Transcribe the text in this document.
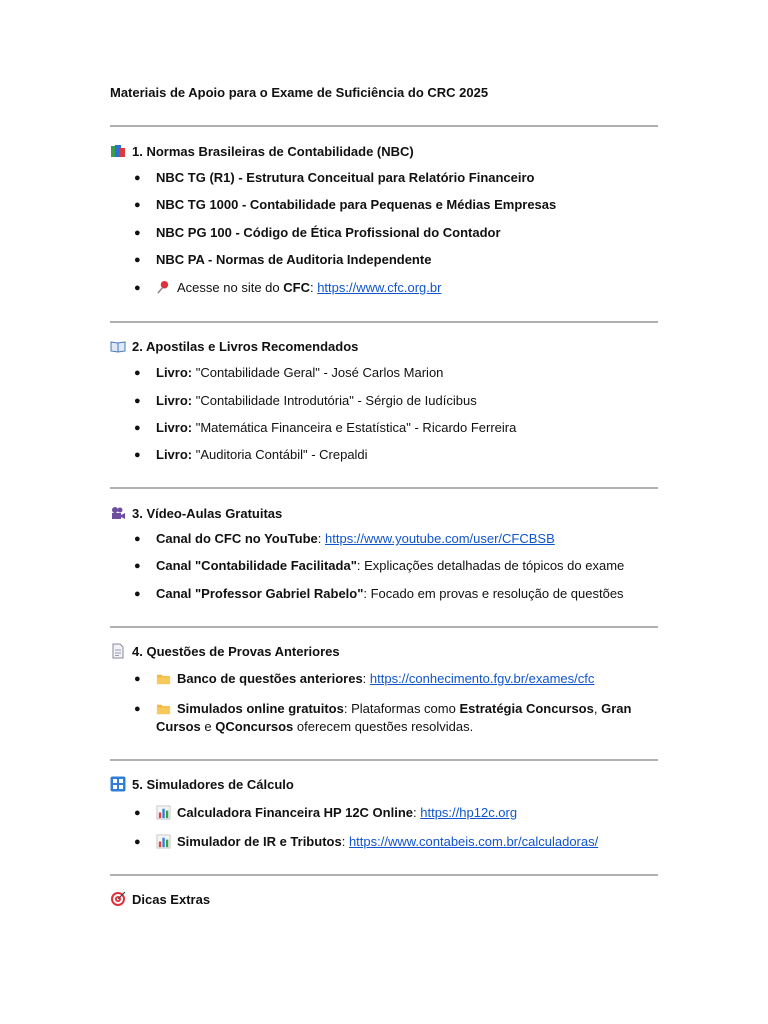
Materiais de Apoio para o Exame de Suficiência do CRC 2025
1. Normas Brasileiras de Contabilidade (NBC)
● NBC TG (R1) - Estrutura Conceitual para Relatório Financeiro
● NBC TG 1000 - Contabilidade para Pequenas e Médias Empresas
● NBC PG 100 - Código de Ética Profissional do Contador
● NBC PA - Normas de Auditoria Independente
●	Acesse no site do CFC: https://www.cfc.org.br
2. Apostilas e Livros Recomendados
● Livro: "Contabilidade Geral" - José Carlos Marion
● Livro: "Contabilidade Introdutória" - Sérgio de Iudícibus
● Livro: "Matemática Financeira e Estatística" - Ricardo Ferreira
● Livro: "Auditoria Contábil" - Crepaldi
3. Vídeo-Aulas Gratuitas
● Canal do CFC no YouTube: https://www.youtube.com/user/CFCBSB
● Canal "Contabilidade Facilitada": Explicações detalhadas de tópicos do exame
● Canal "Professor Gabriel Rabelo": Focado em provas e resolução de questões
4. Questões de Provas Anteriores
●	Banco de questões anteriores: https://conhecimento.fgv.br/exames/cfc
●	Simulados online gratuitos: Plataformas como Estratégia Concursos, Gran Cursos e QConcursos oferecem questões resolvidas.
5. Simuladores de Cálculo
●	Calculadora Financeira HP 12C Online: https://hp12c.org
●	Simulador de IR e Tributos: https://www.contabeis.com.br/calculadoras/
Dicas Extras
